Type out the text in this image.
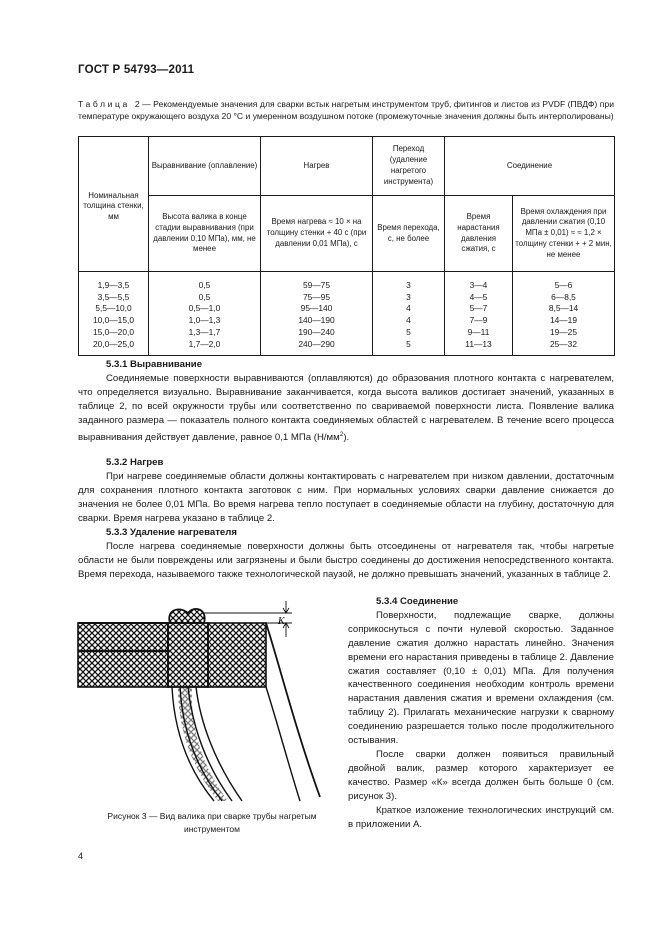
ГОСТ Р 54793—2011
Таблица 2 — Рекомендуемые значения для сварки встык нагретым инструментом труб, фитингов и листов из PVDF (ПВДФ) при температуре окружающего воздуха 20 °С и умеренном воздушном потоке (промежуточные значения должны быть интерполированы)
Номинальная толщина стенки, мм	Выравнивание (оплавление)	Нагрев	Переход (удаление нагретого инструмента)	Соединение	
	Высота валика в конце стадии выравнивания (при давлении 0,10 МПа), мм, не менее	Время нагрева ≈ 10 × на толщину стенки + 40 с (при давлении 0,01 МПа), с	Время перехода, с, не более	Время нарастания давления сжатия, с	Время охлаждения при давлении сжатия (0,10 МПа ± 0,01) ≈ ≈ 1,2 × толщину стенки + + 2 мин, не менее
1,9—3,5	0,5	59—75	3	3—4	5—6
3,5—5,5	0,5	75—95	3	4—5	6—8,5
5,5—10,0	0,5—1,0	95—140	4	5—7	8,5—14
10,0—15,0	1,0—1,3	140—190	4	7—9	14—19
15,0—20,0	1,3—1,7	190—240	5	9—11	19—25
20,0—25,0	1,7—2,0	240—290	5	11—13	25—32
5.3.1 Выравнивание

Соединяемые поверхности выравниваются (оплавляются) до образования плотного контакта с нагревателем, что определяется визуально. Выравнивание заканчивается, когда высота валиков достигает значений, указанных в таблице 2, по всей окружности трубы или соответственно по свариваемой поверхности листа. Появление валика заданного размера — показатель полного контакта соединяемых областей с нагревателем. В течение всего процесса выравнивания действует давление, равное 0,1 МПа $(Н/мм^2)$.

5.3.2 Нагрев

При нагреве соединяемые области должны контактировать с нагревателем при низком давлении, достаточным для сохранения плотного контакта заготовок с ним. При нормальных условиях сварки давление снижается до значения не более 0,01 МПа. Во время нагрева тепло поступает в соединяемые области на глубину, достаточную для сварки. Время нагрева указано в таблице 2.

5.3.3 Удаление нагревателя

После нагрева соединяемые поверхности должны быть отсоединены от нагревателя так, чтобы нагретые области не были повреждены или загрязнены и были быстро соединены до достижения непосредственного контакта. Время перехода, называемого также технологической паузой, не должно превышать значений, указанных в таблице 2.

5.3.4 Соединение

Поверхности, подлежащие сварке, должны соприкоснуться с почти нулевой скоростью. Заданное давление сжатия должно нарастать линейно. Значения времени его нарастания приведены в таблице 2. Давление сжатия составляет (0,10 ± 0,01) МПа. Для получения качественного соединения необходим контроль времени нарастания давления сжатия и времени охлаждения (см. таблицу 2). Прилагать механические нагрузки к сварному соединению разрешается только после продолжительного остывания.

После сварки должен появиться правильный двойной валик, размер которого характеризует ее качество. Размер «К» всегда должен быть больше 0 (см. рисунок 3).

Краткое изложение технологических инструкций см. в приложении А.

K
Рисунок 3 — Вид валика при сварке трубы нагретым инструментом
4
